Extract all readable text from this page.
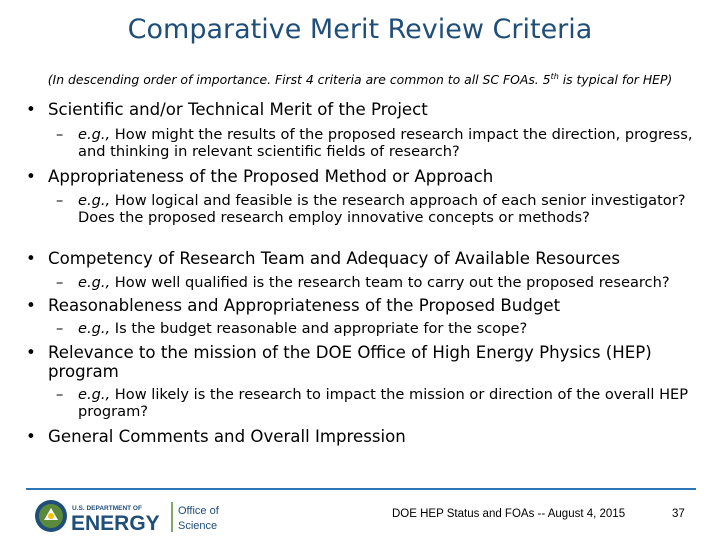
Comparative Merit Review Criteria
(In descending order of importance. First 4 criteria are common to all SC FOAs. 5th is typical for HEP)
• Scientific and/or Technical Merit of the Project
– e.g., How might the results of the proposed research impact the direction, progress, and thinking in relevant scientific fields of research?
• Appropriateness of the Proposed Method or Approach
– e.g., How logical and feasible is the research approach of each senior investigator? Does the proposed research employ innovative concepts or methods?
• Competency of Research Team and Adequacy of Available Resources
– e.g., How well qualified is the research team to carry out the proposed research?
• Reasonableness and Appropriateness of the Proposed Budget
– e.g., Is the budget reasonable and appropriate for the scope?
• Relevance to the mission of the DOE Office of High Energy Physics (HEP) program
– e.g., How likely is the research to impact the mission or direction of the overall HEP program?
• General Comments and Overall Impression
U.S. DEPARTMENT OF
ENERGY
Office of
Science
DOE HEP Status and FOAs -- August 4, 2015	37
